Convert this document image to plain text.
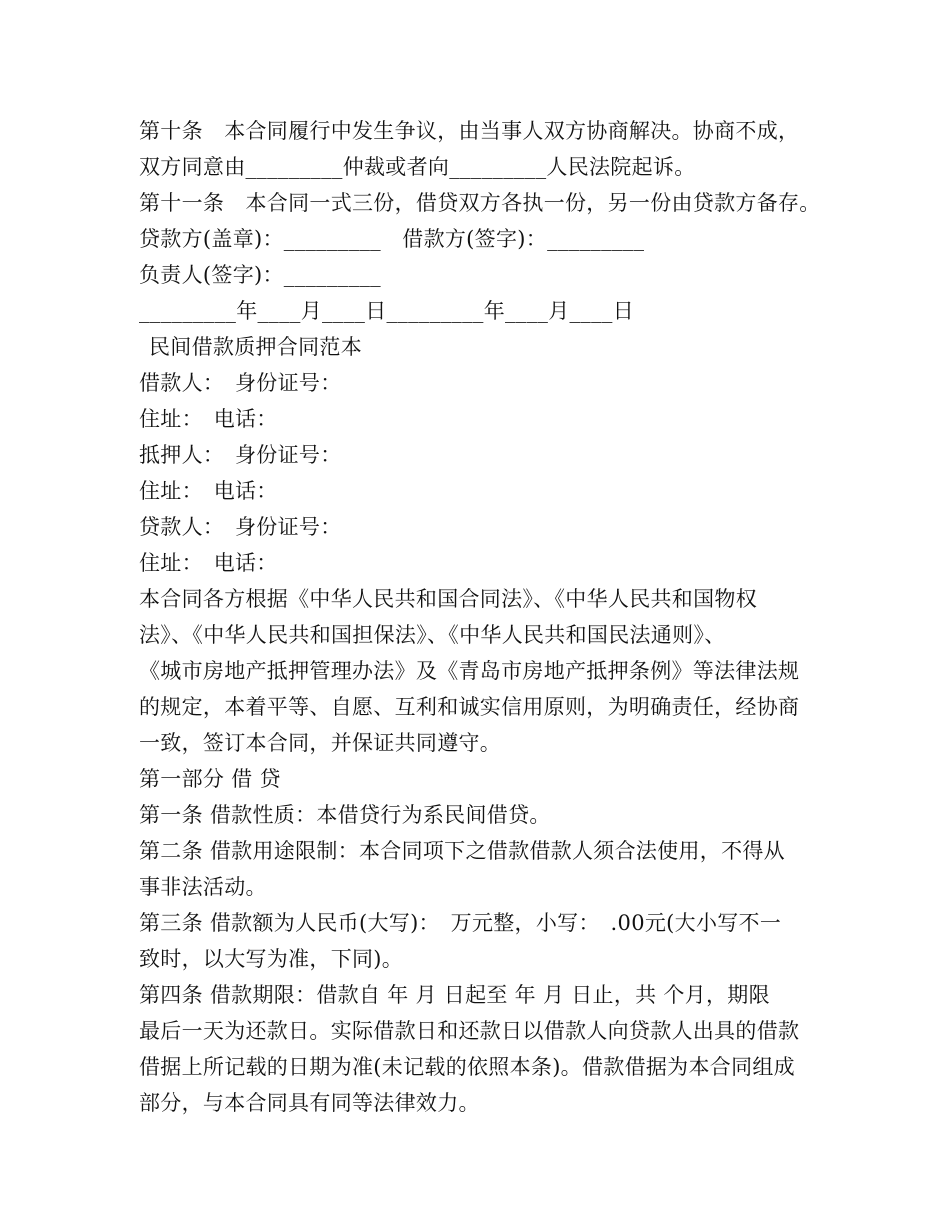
第十条　本合同履行中发生争议，由当事人双方协商解决。协商不成，
双方同意由_________仲裁或者向_________人民法院起诉。
第十一条　本合同一式三份，借贷双方各执一份，另一份由贷款方备存。
贷款方(盖章)：_________　借款方(签字)：_________
负责人(签字)：_________
_________年____月____日_________年____月____日
民间借款质押合同范本
借款人：　身份证号：
住址：　电话：
抵押人：　身份证号：
住址：　电话：
贷款人：　身份证号：
住址：　电话：
本合同各方根据《中华人民共和国合同法》、《中华人民共和国物权
法》、《中华人民共和国担保法》、《中华人民共和国民法通则》、
《城市房地产抵押管理办法》及《青岛市房地产抵押条例》等法律法规
的规定，本着平等、自愿、互利和诚实信用原则，为明确责任，经协商
一致，签订本合同，并保证共同遵守。
第一部分 借 贷
第一条 借款性质：本借贷行为系民间借贷。
第二条 借款用途限制：本合同项下之借款借款人须合法使用，不得从
事非法活动。
第三条 借款额为人民币(大写)：　万元整，小写：　.00元(大小写不一
致时，以大写为准，下同)。
第四条 借款期限：借款自 年 月 日起至 年 月 日止，共 个月，期限
最后一天为还款日。实际借款日和还款日以借款人向贷款人出具的借款
借据上所记载的日期为准(未记载的依照本条)。借款借据为本合同组成
部分，与本合同具有同等法律效力。
